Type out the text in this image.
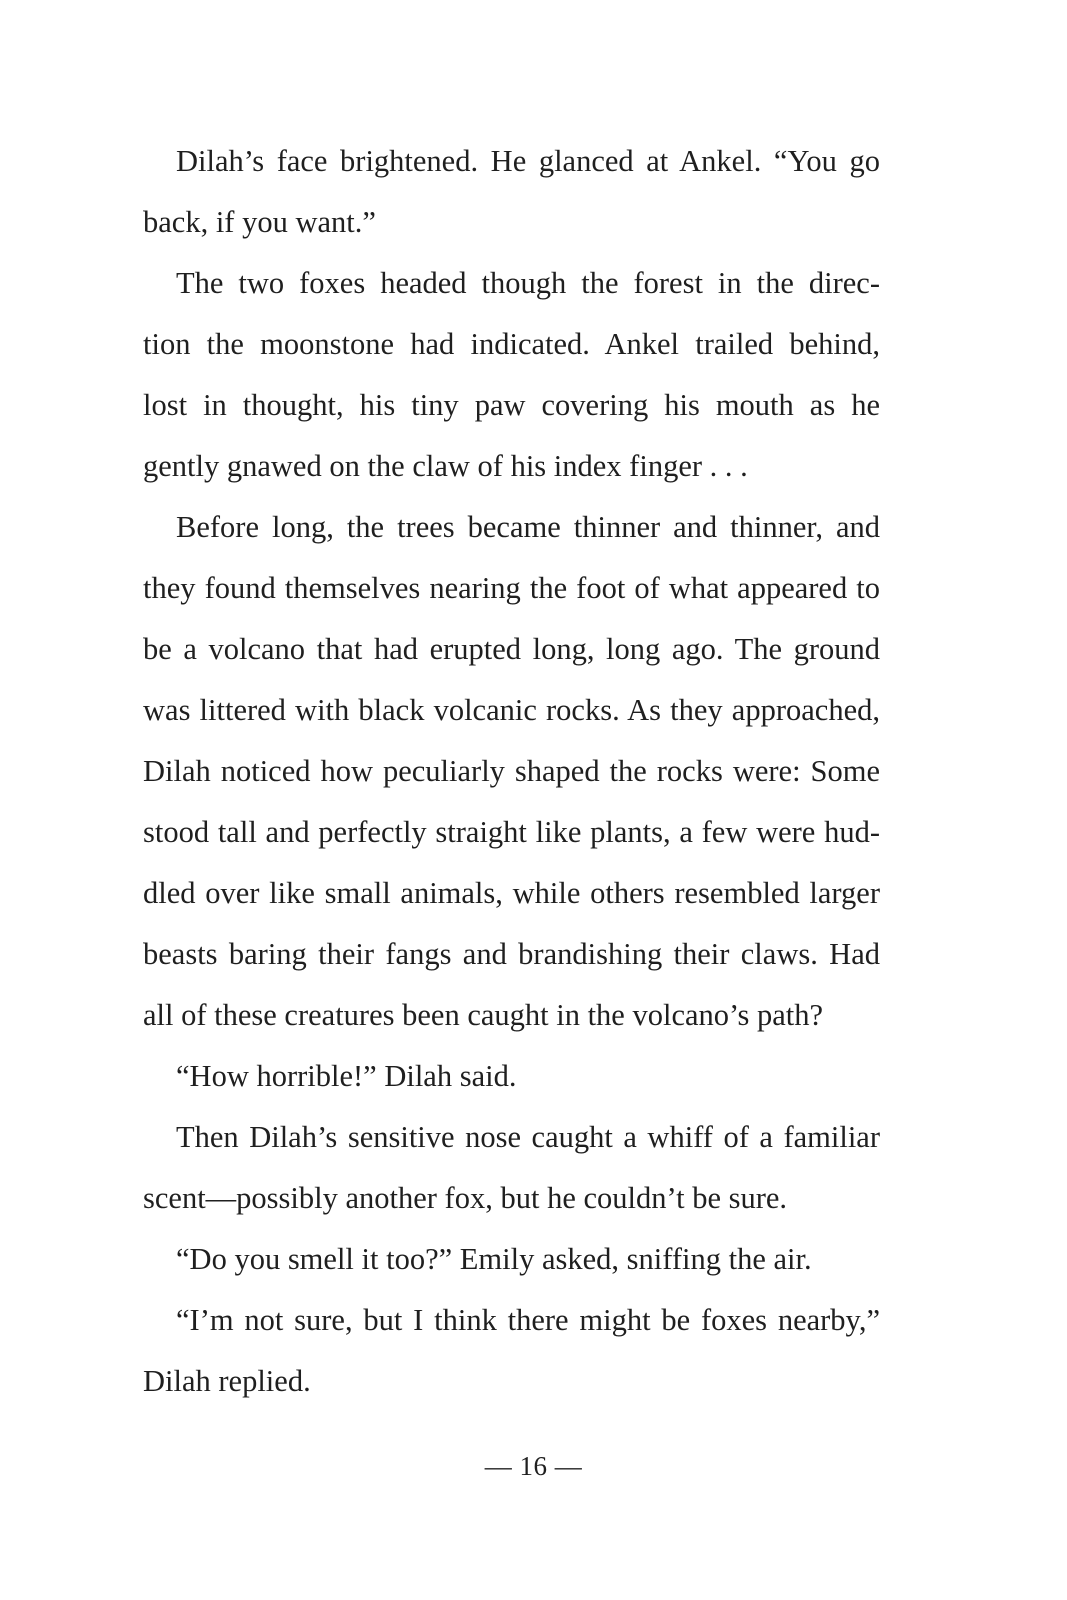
Dilah’s face brightened. He glanced at Ankel. “You go
back, if you want.”
The two foxes headed though the forest in the direc-
tion the moonstone had indicated. Ankel trailed behind,
lost in thought, his tiny paw covering his mouth as he
gently gnawed on the claw of his index finger . . .
Before long, the trees became thinner and thinner, and
they found themselves nearing the foot of what appeared to
be a volcano that had erupted long, long ago. The ground
was littered with black volcanic rocks. As they approached,
Dilah noticed how peculiarly shaped the rocks were: Some
stood tall and perfectly straight like plants, a few were hud-
dled over like small animals, while others resembled larger
beasts baring their fangs and brandishing their claws. Had
all of these creatures been caught in the volcano’s path?
“How horrible!” Dilah said.
Then Dilah’s sensitive nose caught a whiff of a familiar
scent—possibly another fox, but he couldn’t be sure.
“Do you smell it too?” Emily asked, sniffing the air.
“I’m not sure, but I think there might be foxes nearby,”
Dilah replied.
— 16 —
